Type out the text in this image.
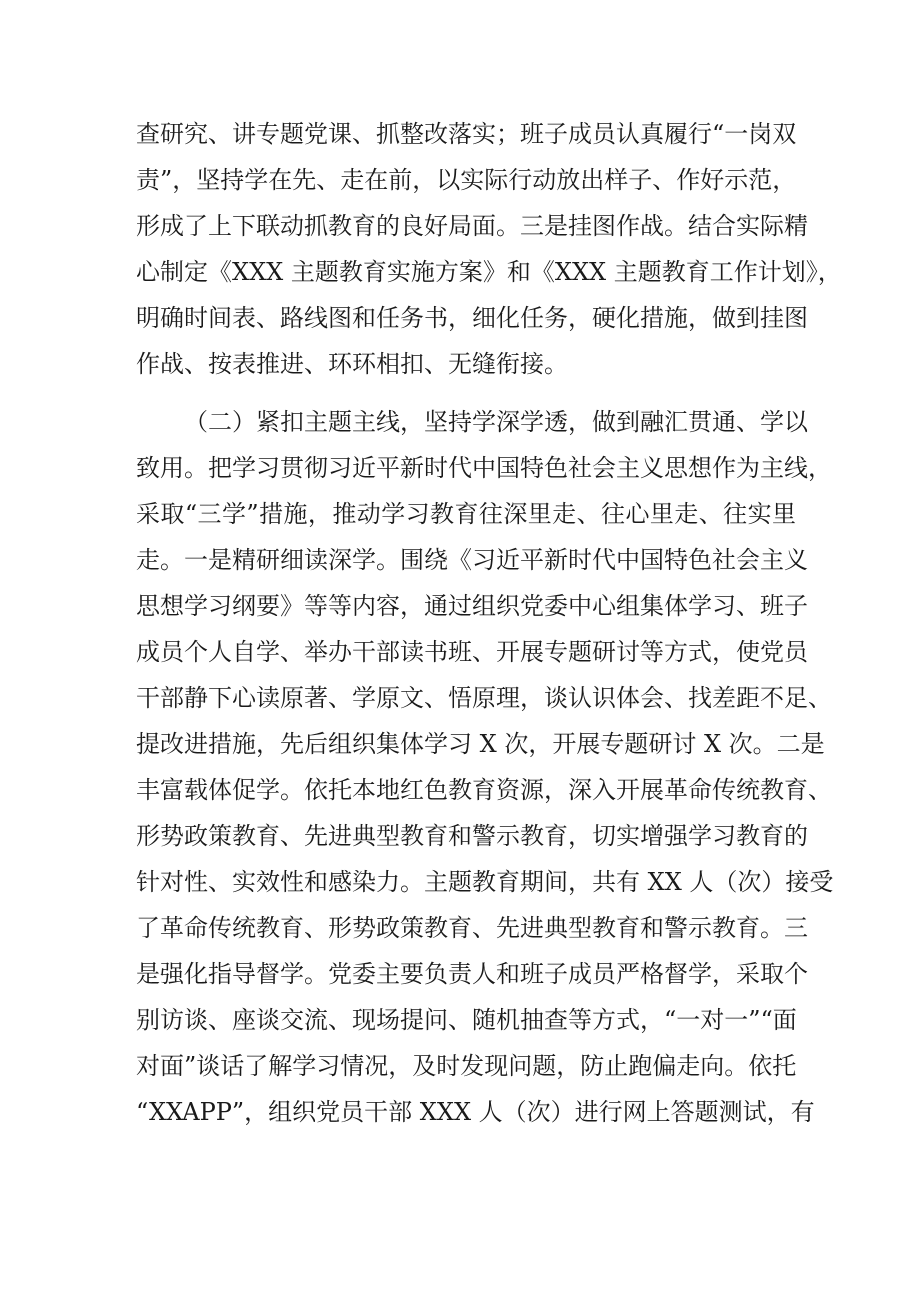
查研究、讲专题党课、抓整改落实；班子成员认真履行“一岗双
责”，坚持学在先、走在前，以实际行动放出样子、作好示范，
形成了上下联动抓教育的良好局面。三是挂图作战。结合实际精
心制定《XXX 主题教育实施方案》和《XXX 主题教育工作计划》，
明确时间表、路线图和任务书，细化任务，硬化措施，做到挂图
作战、按表推进、环环相扣、无缝衔接。
（二）紧扣主题主线，坚持学深学透，做到融汇贯通、学以
致用。把学习贯彻习近平新时代中国特色社会主义思想作为主线，
采取“三学”措施，推动学习教育往深里走、往心里走、往实里
走。一是精研细读深学。围绕《习近平新时代中国特色社会主义
思想学习纲要》等等内容，通过组织党委中心组集体学习、班子
成员个人自学、举办干部读书班、开展专题研讨等方式，使党员
干部静下心读原著、学原文、悟原理，谈认识体会、找差距不足、
提改进措施，先后组织集体学习 X 次，开展专题研讨 X 次。二是
丰富载体促学。依托本地红色教育资源，深入开展革命传统教育、
形势政策教育、先进典型教育和警示教育，切实增强学习教育的
针对性、实效性和感染力。主题教育期间，共有 XX 人（次）接受
了革命传统教育、形势政策教育、先进典型教育和警示教育。三
是强化指导督学。党委主要负责人和班子成员严格督学，采取个
别访谈、座谈交流、现场提问、随机抽查等方式，“一对一”“面
对面”谈话了解学习情况，及时发现问题，防止跑偏走向。依托
“XXAPP”，组织党员干部 XXX 人（次）进行网上答题测试，有
